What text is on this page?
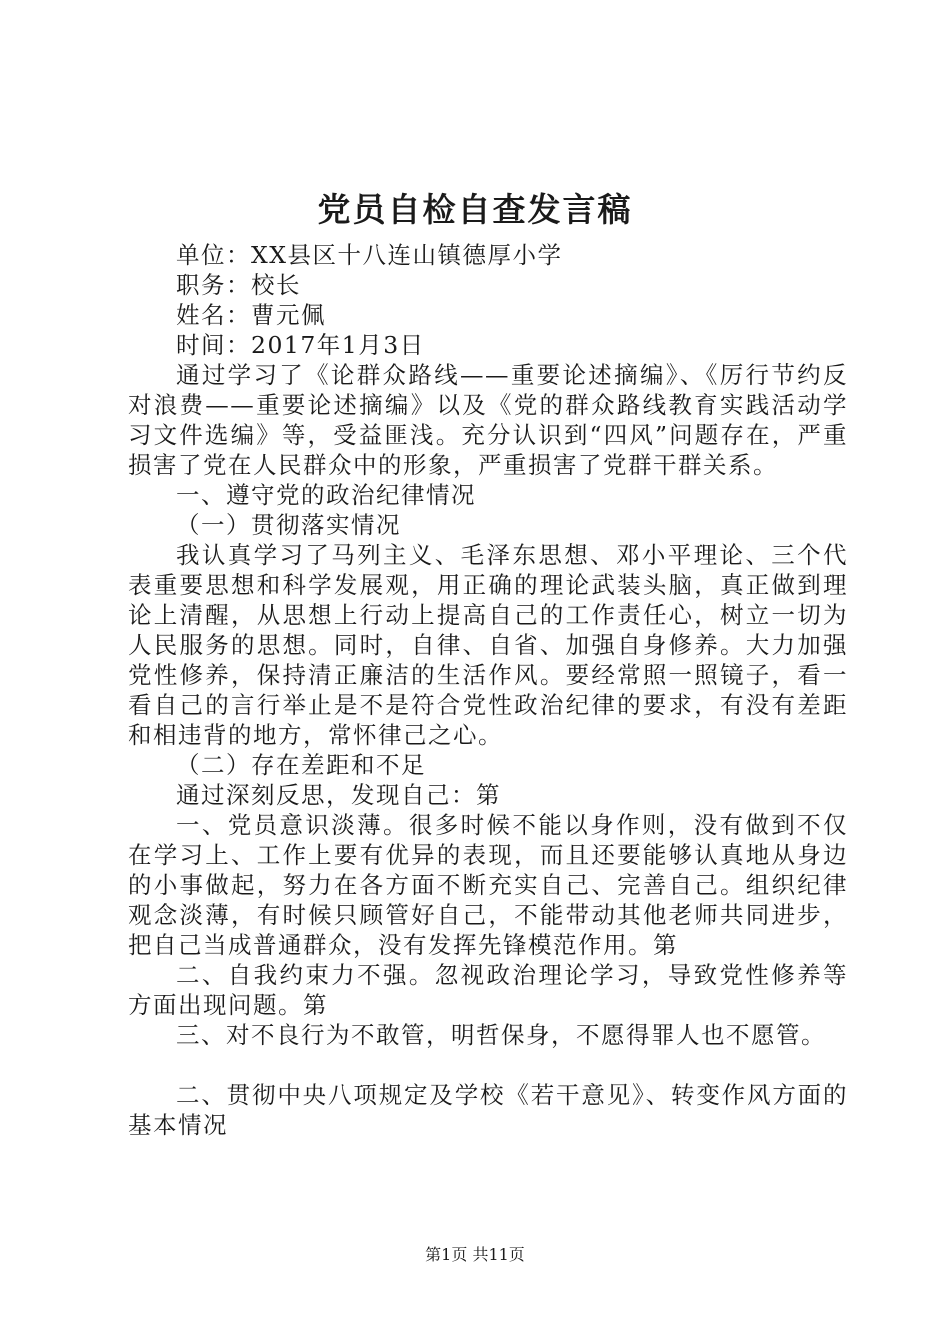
党员自检自查发言稿

单位：XX县区十八连山镇德厚小学

职务：校长

姓名：曹元佩

时间：2017年1月3日

通过学习了《论群众路线——重要论述摘编》、《厉行节约反对浪费——重要论述摘编》以及《党的群众路线教育实践活动学习文件选编》等，受益匪浅。充分认识到“四风”问题存在，严重损害了党在人民群众中的形象，严重损害了党群干群关系。

一、遵守党的政治纪律情况

（一）贯彻落实情况

我认真学习了马列主义、毛泽东思想、邓小平理论、三个代表重要思想和科学发展观，用正确的理论武装头脑，真正做到理论上清醒，从思想上行动上提高自己的工作责任心，树立一切为人民服务的思想。同时，自律、自省、加强自身修养。大力加强党性修养，保持清正廉洁的生活作风。要经常照一照镜子，看一看自己的言行举止是不是符合党性政治纪律的要求，有没有差距和相违背的地方，常怀律己之心。

（二）存在差距和不足

通过深刻反思，发现自己：第

一、党员意识淡薄。很多时候不能以身作则，没有做到不仅在学习上、工作上要有优异的表现，而且还要能够认真地从身边的小事做起，努力在各方面不断充实自己、完善自己。组织纪律观念淡薄，有时候只顾管好自己，不能带动其他老师共同进步，把自己当成普通群众，没有发挥先锋模范作用。第

二、自我约束力不强。忽视政治理论学习，导致党性修养等方面出现问题。第

三、对不良行为不敢管，明哲保身，不愿得罪人也不愿管。

二、贯彻中央八项规定及学校《若干意见》、转变作风方面的基本情况

第1页 共11页
